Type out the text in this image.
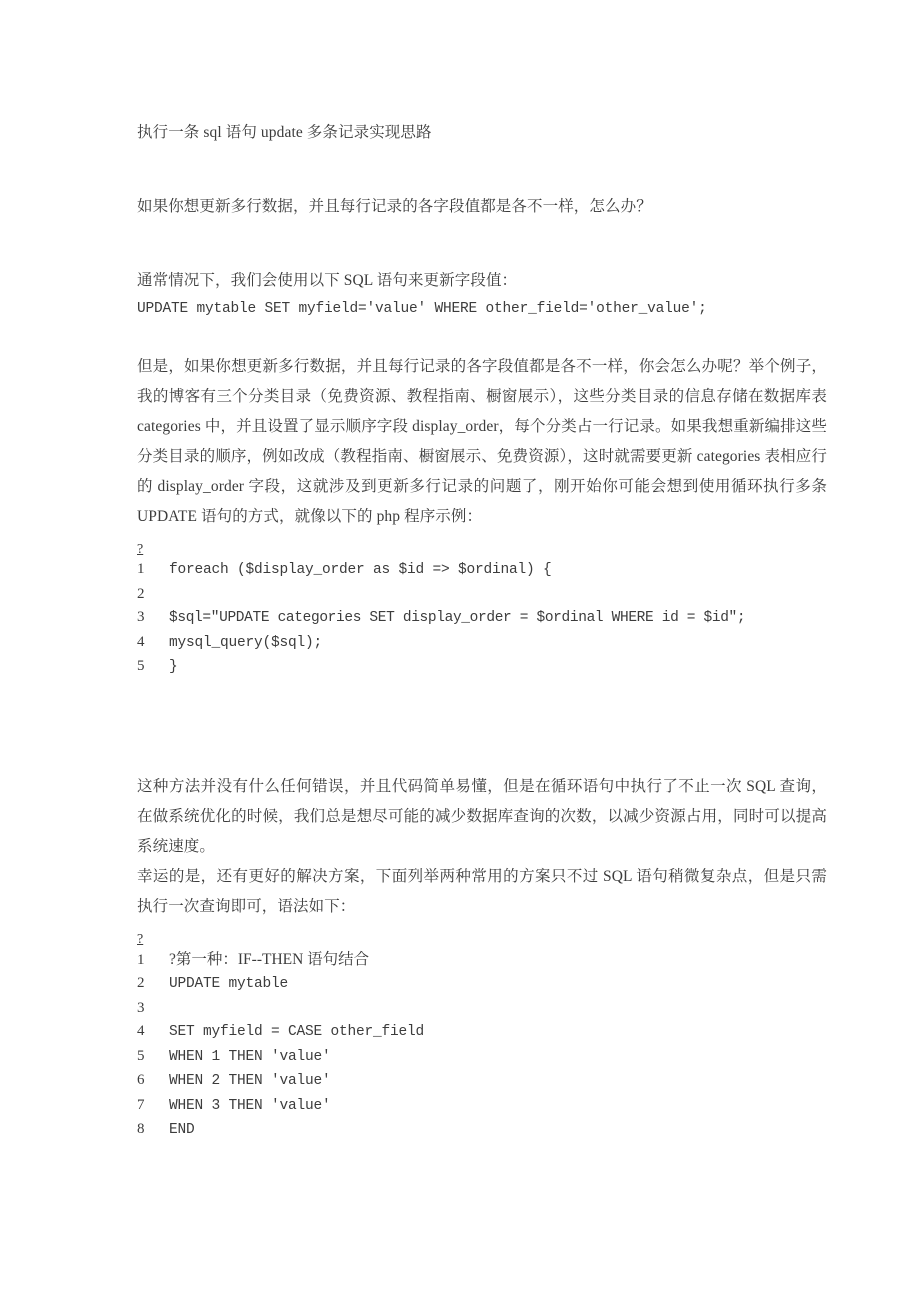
执行一条 sql 语句 update 多条记录实现思路

如果你想更新多行数据，并且每行记录的各字段值都是各不一样，怎么办？

通常情况下，我们会使用以下 SQL 语句来更新字段值：

UPDATE mytable SET myfield='value' WHERE other_field='other_value';

但是，如果你想更新多行数据，并且每行记录的各字段值都是各不一样，你会怎么办呢？举个例子，我的博客有三个分类目录（免费资源、教程指南、橱窗展示），这些分类目录的信息存储在数据库表 categories 中，并且设置了显示顺序字段 display_order，每个分类占一行记录。如果我想重新编排这些分类目录的顺序，例如改成（教程指南、橱窗展示、免费资源），这时就需要更新 categories 表相应行的 display_order 字段，这就涉及到更新多行记录的问题了，刚开始你可能会想到使用循环执行多条 UPDATE 语句的方式，就像以下的 php 程序示例：

?
1	foreach ($display_order as $id => $ordinal) {
2
3	$sql="UPDATE categories SET display_order = $ordinal WHERE id = $id";
4	mysql_query($sql);
5	}

这种方法并没有什么任何错误，并且代码简单易懂，但是在循环语句中执行了不止一次 SQL 查询，在做系统优化的时候，我们总是想尽可能的减少数据库查询的次数，以减少资源占用，同时可以提高系统速度。

幸运的是，还有更好的解决方案，下面列举两种常用的方案只不过 SQL 语句稍微复杂点，但是只需执行一次查询即可，语法如下：

?
1	?第一种：IF--THEN 语句结合
2	UPDATE mytable
3
4	SET myfield = CASE other_field
5	WHEN 1 THEN 'value'
6	WHEN 2 THEN 'value'
7	WHEN 3 THEN 'value'
8	END
